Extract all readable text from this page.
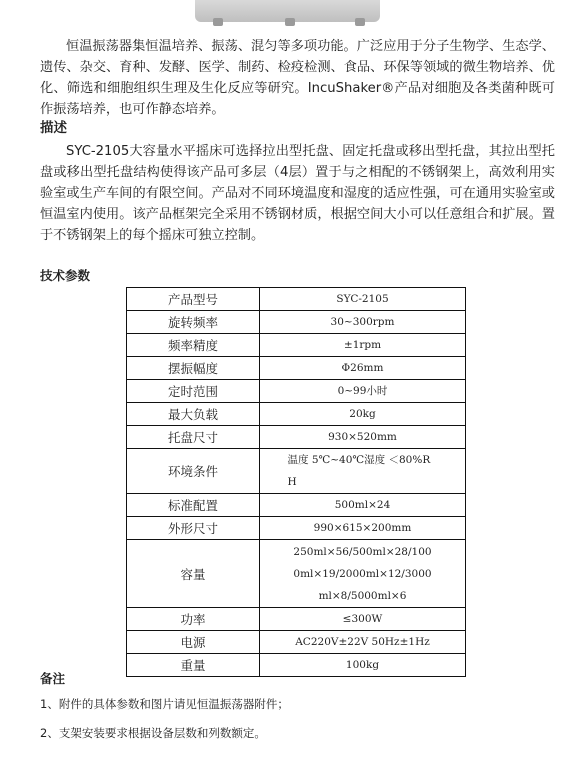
恒温振荡器集恒温培养、振荡、混匀等多项功能。广泛应用于分子生物学、生态学、遗传、杂交、育种、发酵、医学、制药、检疫检测、食品、环保等领域的微生物培养、优化、筛选和细胞组织生理及生化反应等研究。IncuShaker®产品对细胞及各类菌种既可作振荡培养，也可作静态培养。

描述

SYC-2105大容量水平摇床可选择拉出型托盘、固定托盘或移出型托盘，其拉出型托盘或移出型托盘结构使得该产品可多层（4层）置于与之相配的不锈钢架上，高效利用实验室或生产车间的有限空间。产品对不同环境温度和湿度的适应性强，可在通用实验室或恒温室内使用。该产品框架完全采用不锈钢材质，根据空间大小可以任意组合和扩展。置于不锈钢架上的每个摇床可独立控制。

技术参数
产品型号	SYC-2105
旋转频率	30~300rpm
频率精度	±1rpm
摆振幅度	Φ26mm
定时范围	0~99小时
最大负载	20kg
托盘尺寸	930×520mm
环境条件	温度 5℃~40℃湿度 ＜80%RH

标准配置	500ml×24
外形尺寸	990×615×200mm
容量	250ml×56/500ml×28/1000ml×19/2000ml×12/3000ml×8/5000ml×6

功率	≤300W
电源	AC220V±22V 50Hz±1Hz
重量	100kg
备注

1、附件的具体参数和图片请见恒温振荡器附件；

2、支架安装要求根据设备层数和列数额定。
